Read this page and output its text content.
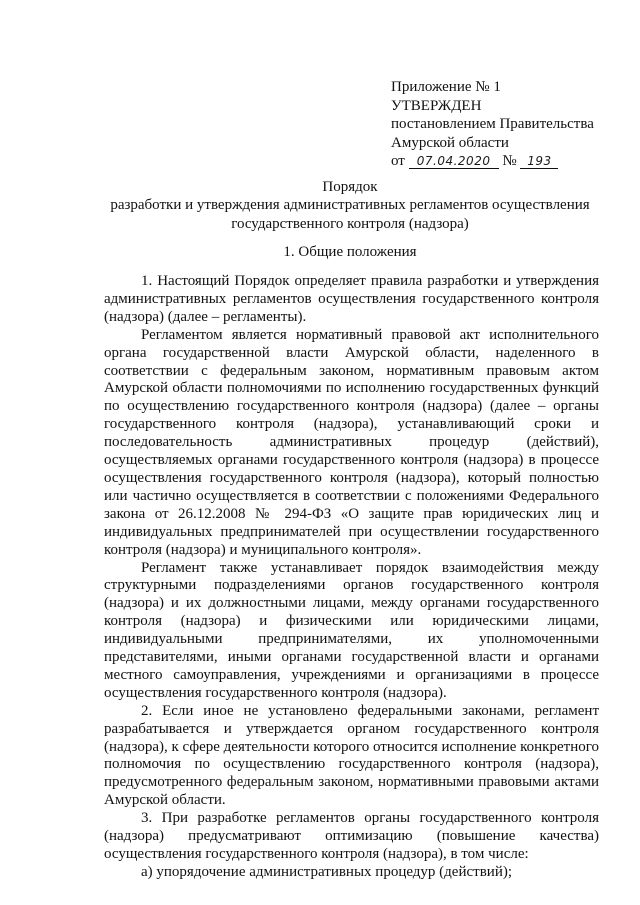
Приложение № 1
УТВЕРЖДЕН
постановлением Правительства
Амурской области
от 07.04.2020 № 193
Порядок
разработки и утверждения административных регламентов осуществления
государственного контроля (надзора)
1. Общие положения

1. Настоящий Порядок определяет правила разработки и утверждения административных регламентов осуществления государственного контроля (надзора) (далее – регламенты).

Регламентом является нормативный правовой акт исполнительного органа государственной власти Амурской области, наделенного в соответствии с федеральным законом, нормативным правовым актом Амурской области полномочиями по исполнению государственных функций по осуществлению государственного контроля (надзора) (далее – органы государственного контроля (надзора), устанавливающий сроки и последовательность административных процедур (действий), осуществляемых органами государственного контроля (надзора) в процессе осуществления государственного контроля (надзора), который полностью или частично осуществляется в соответствии с положениями Федерального закона от 26.12.2008 № 294-ФЗ «О защите прав юридических лиц и индивидуальных предпринимателей при осуществлении государственного контроля (надзора) и муниципального контроля».

Регламент также устанавливает порядок взаимодействия между структурными подразделениями органов государственного контроля (надзора) и их должностными лицами, между органами государственного контроля (надзора) и физическими или юридическими лицами, индивидуальными предпринимателями, их уполномоченными представителями, иными органами государственной власти и органами местного самоуправления, учреждениями и организациями в процессе осуществления государственного контроля (надзора).

2. Если иное не установлено федеральными законами, регламент разрабатывается и утверждается органом государственного контроля (надзора), к сфере деятельности которого относится исполнение конкретного полномочия по осуществлению государственного контроля (надзора), предусмотренного федеральным законом, нормативными правовыми актами Амурской области.

3. При разработке регламентов органы государственного контроля (надзора) предусматривают оптимизацию (повышение качества) осуществления государственного контроля (надзора), в том числе:

а) упорядочение административных процедур (действий);
